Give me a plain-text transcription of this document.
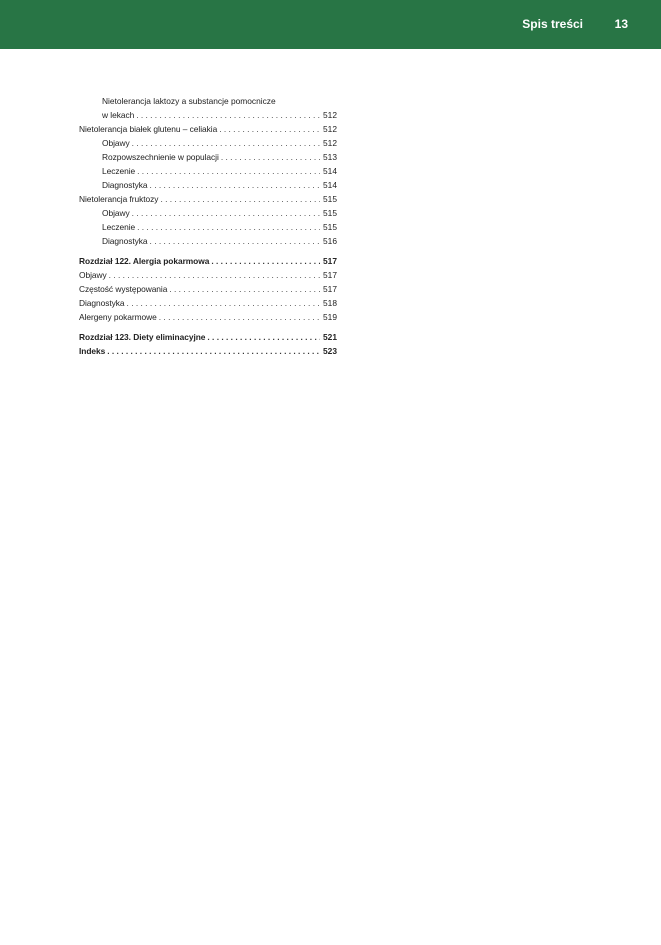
Spis treści	13
Nietolerancja laktozy a substancje pomocnicze
w lekach . . .	512
Nietolerancja białek glutenu – celiakia . . .	512
Objawy . . .	512
Rozpowszechnienie w populacji . . .	513
Leczenie . . .	514
Diagnostyka . . .	514
Nietolerancja fruktozy . . .	515
Objawy . . .	515
Leczenie . . .	515
Diagnostyka . . .	516
Rozdział 122. Alergia pokarmowa . . .	517
Objawy . . .	517
Częstość występowania . . .	517
Diagnostyka . . .	518
Alergeny pokarmowe . . .	519
Rozdział 123. Diety eliminacyjne . . .	521
Indeks . . .	523
